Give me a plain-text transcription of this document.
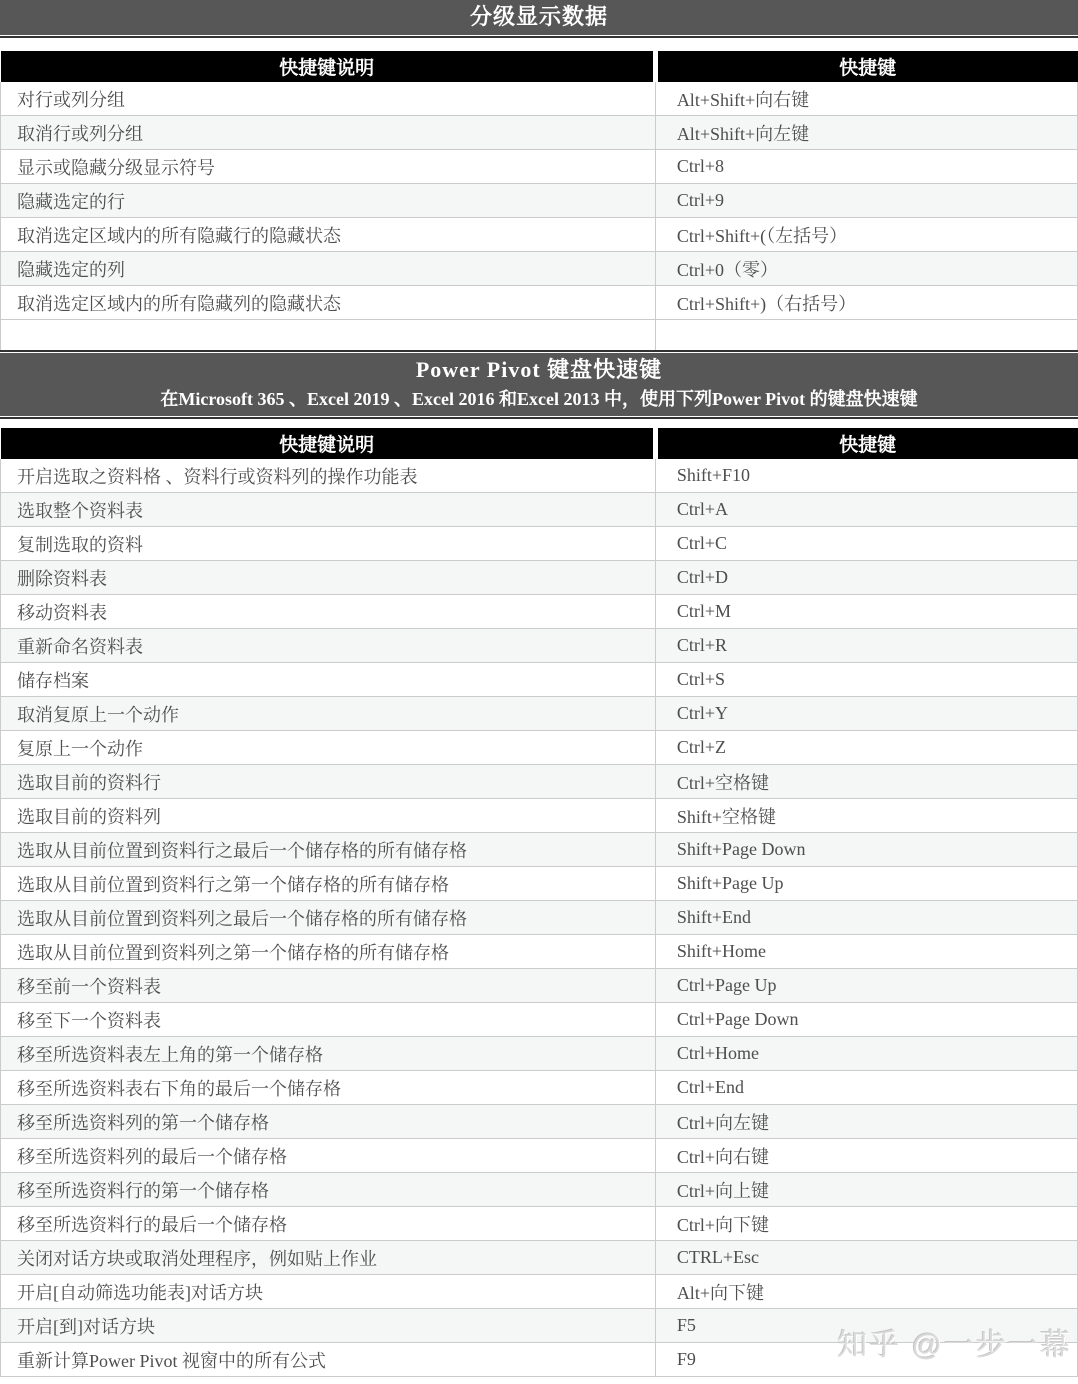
分级显示数据
快捷键说明	快捷键
对行或列分组	Alt+Shift+向右键
取消行或列分组	Alt+Shift+向左键
显示或隐藏分级显示符号	Ctrl+8
隐藏选定的行	Ctrl+9
取消选定区域内的所有隐藏行的隐藏状态	Ctrl+Shift+(（左括号）
隐藏选定的列	Ctrl+0（零）
取消选定区域内的所有隐藏列的隐藏状态	Ctrl+Shift+)（右括号）

Power Pivot 键盘快速键
在Microsoft 365 、Excel 2019 、Excel 2016 和Excel 2013 中，使用下列Power Pivot 的键盘快速键
快捷键说明	快捷键
开启选取之资料格 、资料行或资料列的操作功能表	Shift+F10
选取整个资料表	Ctrl+A
复制选取的资料	Ctrl+C
删除资料表	Ctrl+D
移动资料表	Ctrl+M
重新命名资料表	Ctrl+R
储存档案	Ctrl+S
取消复原上一个动作	Ctrl+Y
复原上一个动作	Ctrl+Z
选取目前的资料行	Ctrl+空格键
选取目前的资料列	Shift+空格键
选取从目前位置到资料行之最后一个储存格的所有储存格	Shift+Page Down
选取从目前位置到资料行之第一个储存格的所有储存格	Shift+Page Up
选取从目前位置到资料列之最后一个储存格的所有储存格	Shift+End
选取从目前位置到资料列之第一个储存格的所有储存格	Shift+Home
移至前一个资料表	Ctrl+Page Up
移至下一个资料表	Ctrl+Page Down
移至所选资料表左上角的第一个储存格	Ctrl+Home
移至所选资料表右下角的最后一个储存格	Ctrl+End
移至所选资料列的第一个储存格	Ctrl+向左键
移至所选资料列的最后一个储存格	Ctrl+向右键
移至所选资料行的第一个储存格	Ctrl+向上键
移至所选资料行的最后一个储存格	Ctrl+向下键
关闭对话方块或取消处理程序，例如贴上作业	CTRL+Esc
开启[自动筛选功能表]对话方块	Alt+向下键
开启[到]对话方块	F5
重新计算Power Pivot 视窗中的所有公式	F9	知乎 @一步一幕
